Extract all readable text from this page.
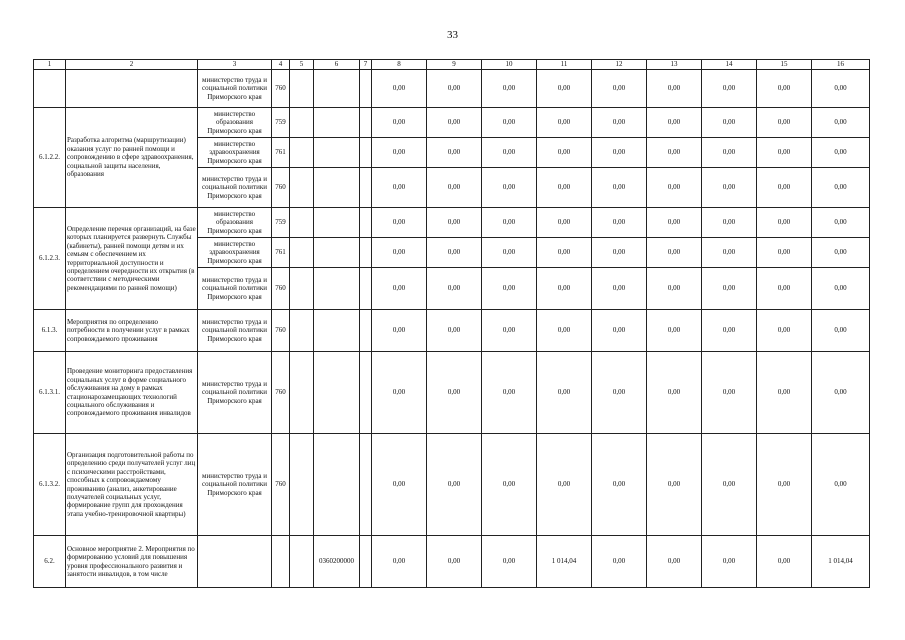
33
1	2	3	4	5	6	7	8	9	10	11	12	13	14	15	16
		министерство труда и социальной политики Приморского края	760				0,00	0,00	0,00	0,00	0,00	0,00	0,00	0,00	0,00
6.1.2.2.	Разработка алгоритма (маршрутизации) оказания услуг по ранней помощи и сопровождению в сфере здравоохранения, социальной защиты населения, образования	министерство образования Приморского края	759				0,00	0,00	0,00	0,00	0,00	0,00	0,00	0,00	0,00
		министерство здравоохранения Приморского края	761				0,00	0,00	0,00	0,00	0,00	0,00	0,00	0,00	0,00
		министерство труда и социальной политики Приморского края	760				0,00	0,00	0,00	0,00	0,00	0,00	0,00	0,00	0,00
6.1.2.3.	Определение перечня организаций, на базе которых планируется развернуть Службы (кабинеты), ранней помощи детям и их семьям с обеспечением их территориальной доступности и определением очередности их открытия (в соответствии с методическими рекомендациями по ранней помощи)	министерство образования Приморского края	759				0,00	0,00	0,00	0,00	0,00	0,00	0,00	0,00	0,00
		министерство здравоохранения Приморского края	761				0,00	0,00	0,00	0,00	0,00	0,00	0,00	0,00	0,00
		министерство труда и социальной политики Приморского края	760				0,00	0,00	0,00	0,00	0,00	0,00	0,00	0,00	0,00
6.1.3.	Мероприятия по определению потребности в получении услуг в рамках сопровождаемого проживания	министерство труда и социальной политики Приморского края	760				0,00	0,00	0,00	0,00	0,00	0,00	0,00	0,00	0,00
6.1.3.1.	Проведение мониторинга предоставления социальных услуг в форме социального обслуживания на дому в рамках стационарозамещающих технологий социального обслуживания и сопровождаемого проживания инвалидов	министерство труда и социальной политики Приморского края	760				0,00	0,00	0,00	0,00	0,00	0,00	0,00	0,00	0,00
6.1.3.2.	Организация подготовительной работы по определению среди получателей услуг лиц с психическими расстройствами, способных к сопровождаемому проживанию (анализ, анкетирование получателей социальных услуг, формирование групп для прохождения этапа учебно-тренировочной квартиры)	министерство труда и социальной политики Приморского края	760				0,00	0,00	0,00	0,00	0,00	0,00	0,00	0,00	0,00
6.2.	Основное мероприятие 2. Мероприятия по формированию условий для повышения уровня профессионального развития и занятости инвалидов, в том числе				0360200000		0,00	0,00	0,00	1 014,04	0,00	0,00	0,00	0,00	1 014,04
